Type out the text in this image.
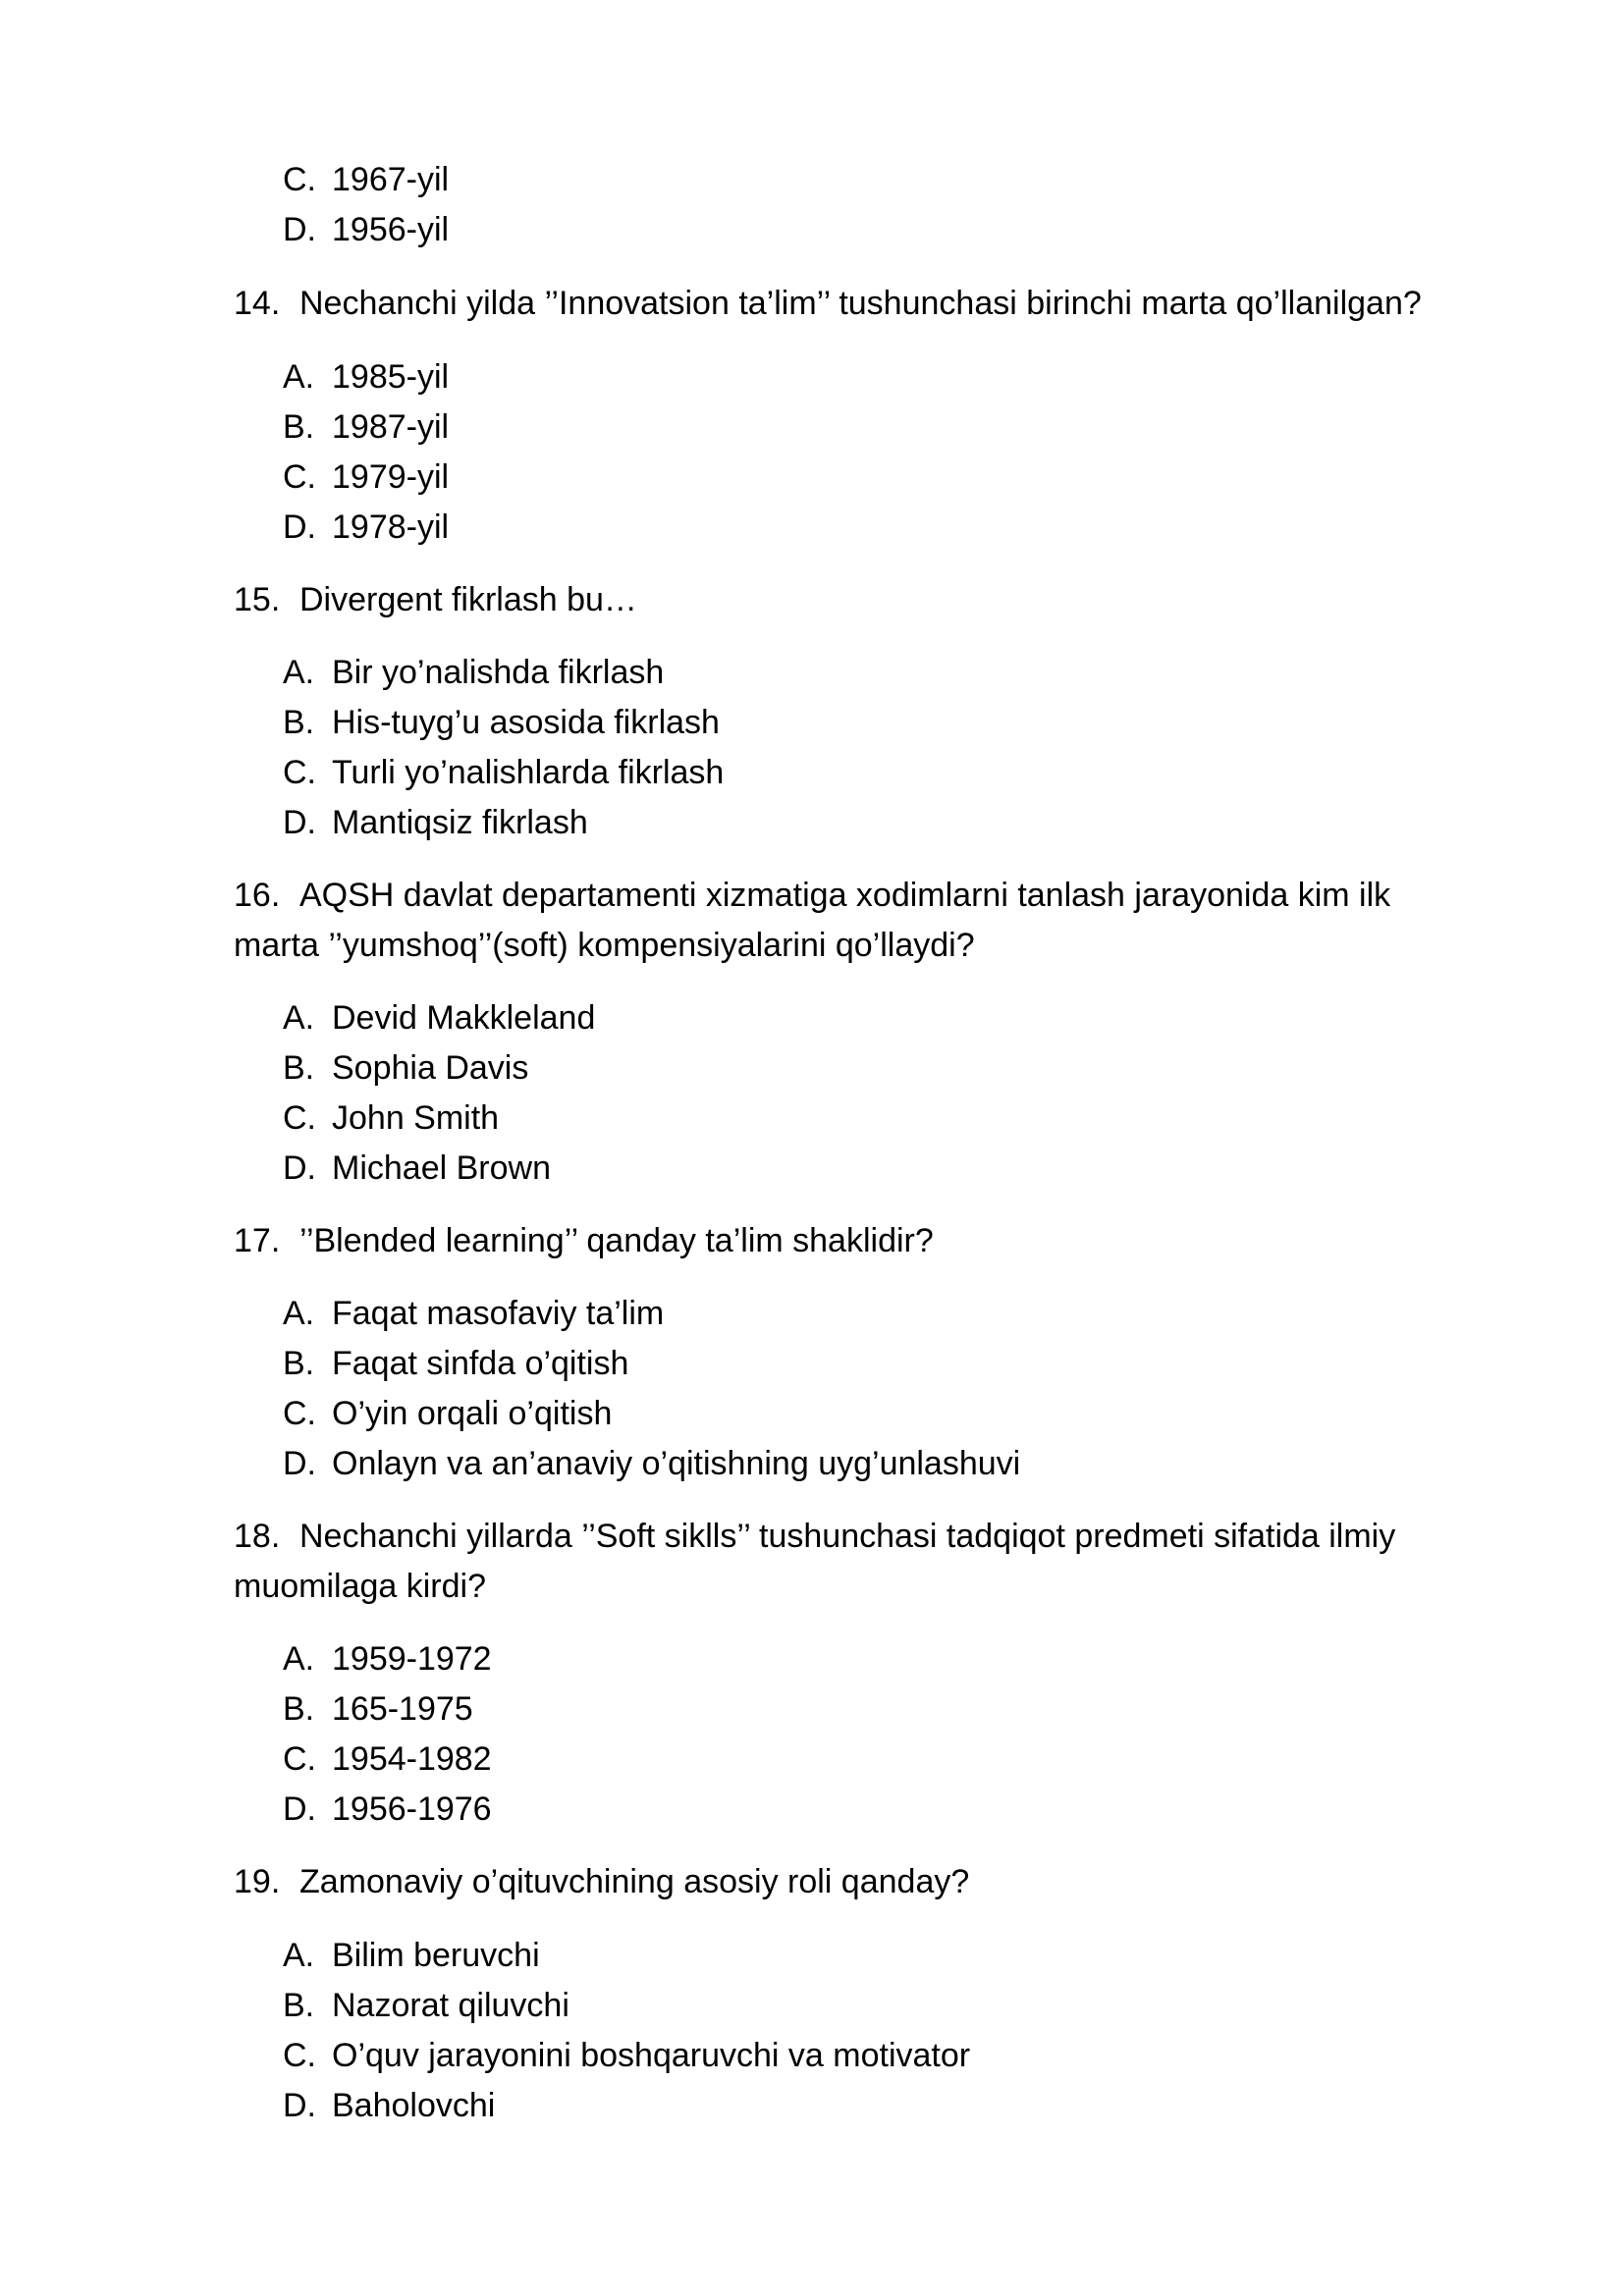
C. 1967-yil
D. 1956-yil
14. Nechanchi yilda ’’Innovatsion ta’lim’’ tushunchasi birinchi marta qo’llanilgan?
A. 1985-yil
B. 1987-yil
C. 1979-yil
D. 1978-yil
15. Divergent fikrlash bu…
A. Bir yo’nalishda fikrlash
B. His-tuyg’u asosida fikrlash
C. Turli yo’nalishlarda fikrlash
D. Mantiqsiz fikrlash
16. AQSH davlat departamenti xizmatiga xodimlarni tanlash jarayonida kim ilk
marta ’’yumshoq’’(soft) kompensiyalarini qo’llaydi?
A. Devid Makkleland
B. Sophia Davis
C. John Smith
D. Michael Brown
17. ’’Blended learning’’ qanday ta’lim shaklidir?
A. Faqat masofaviy ta’lim
B. Faqat sinfda o’qitish
C. O’yin orqali o’qitish
D. Onlayn va an’anaviy o’qitishning uyg’unlashuvi
18. Nechanchi yillarda ’’Soft siklls’’ tushunchasi tadqiqot predmeti sifatida ilmiy
muomilaga kirdi?
A. 1959-1972
B. 165-1975
C. 1954-1982
D. 1956-1976
19. Zamonaviy o’qituvchining asosiy roli qanday?
A. Bilim beruvchi
B. Nazorat qiluvchi
C. O’quv jarayonini boshqaruvchi va motivator
D. Baholovchi
